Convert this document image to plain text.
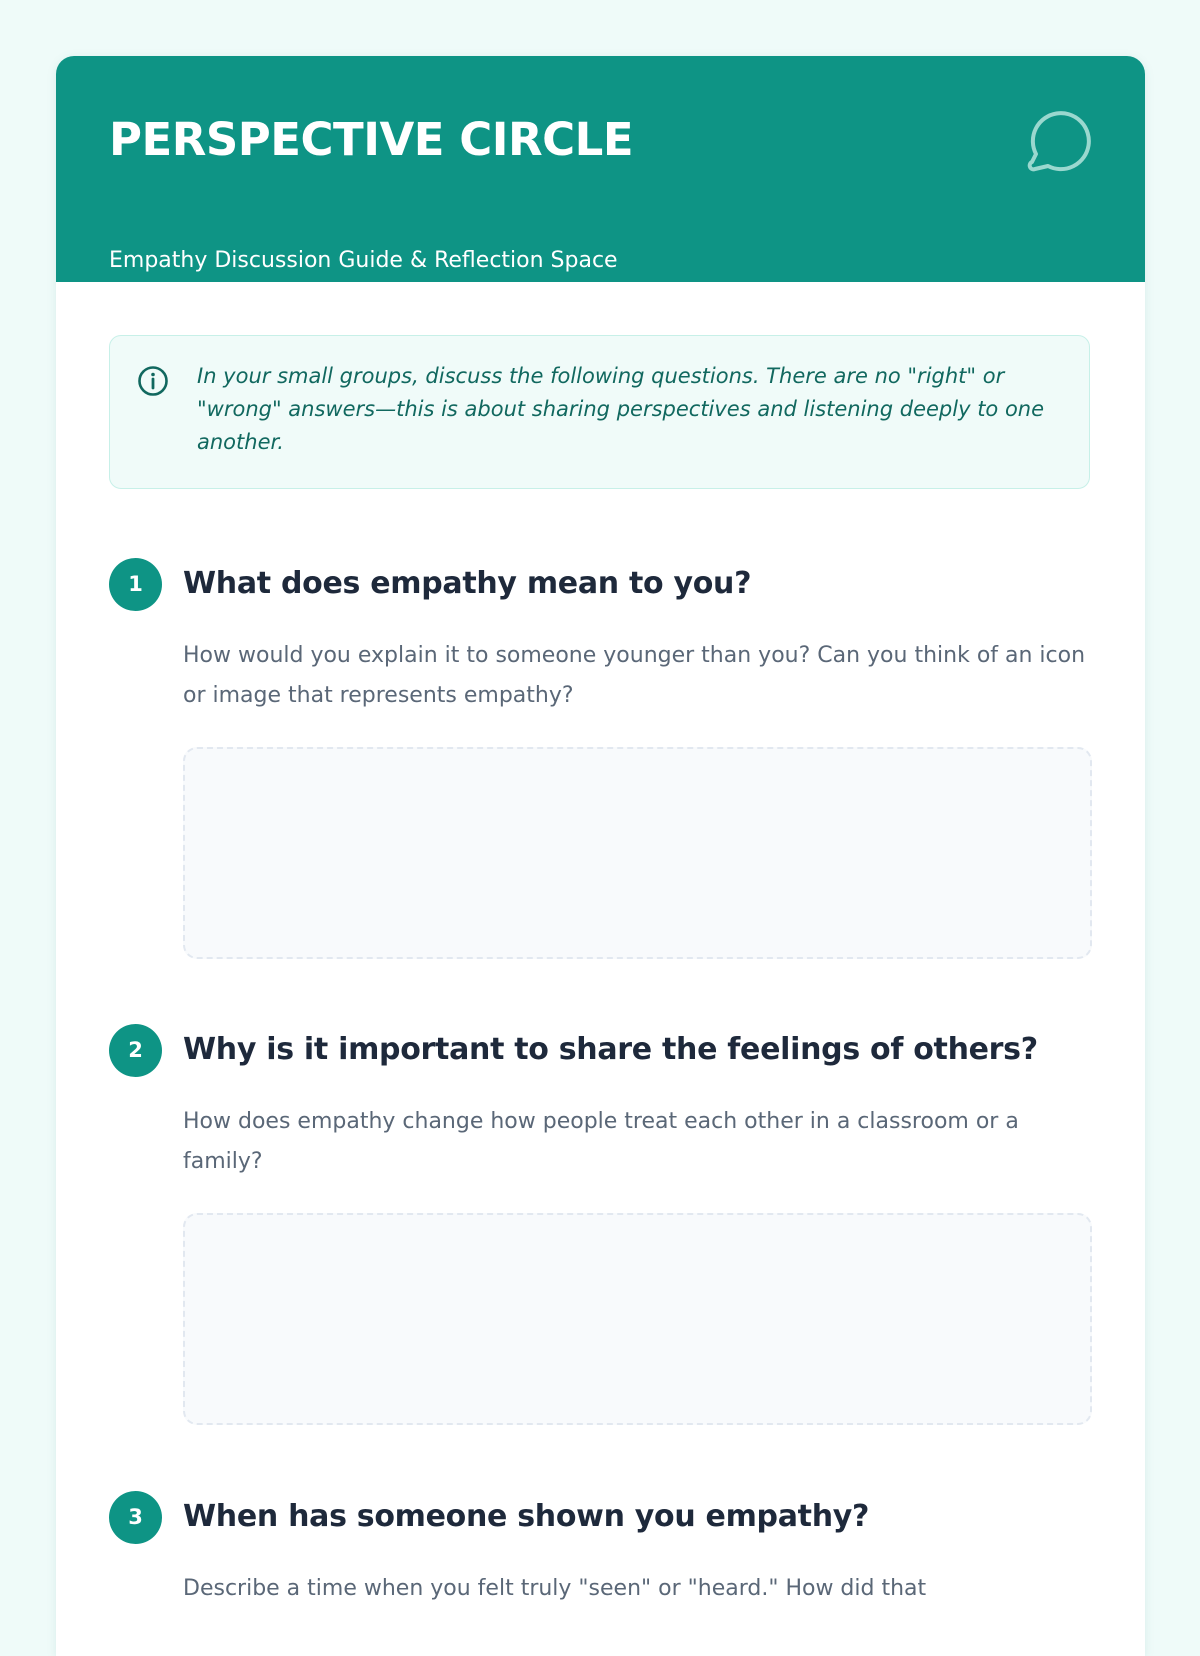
PERSPECTIVE CIRCLE

Empathy Discussion Guide & Reflection Space

In your small groups, discuss the following questions. There are no "right" or "wrong" answers—this is about sharing perspectives and listening deeply to one another.

1	What does empathy mean to you?

How would you explain it to someone younger than you? Can you think of an icon or image that represents empathy?

2	Why is it important to share the feelings of others?

How does empathy change how people treat each other in a classroom or a family?

3	When has someone shown you empathy?

Describe a time when you felt truly "seen" or "heard." How did that
